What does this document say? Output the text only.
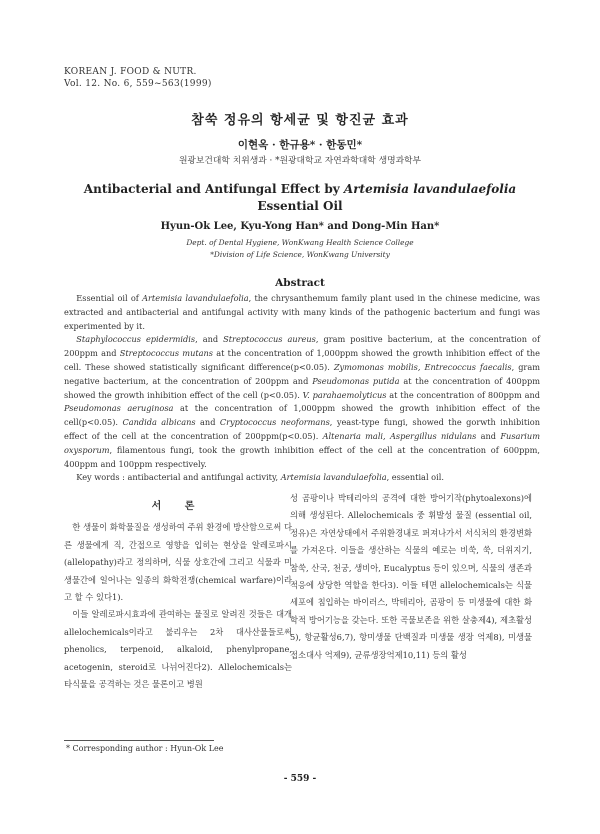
KOREAN J. FOOD & NUTR.
Vol. 12. No. 6, 559~563(1999)
참쑥 정유의 항세균 및 항진균 효과
이현옥 · 한규용* · 한동민*
원광보건대학 치위생과 · *원광대학교 자연과학대학 생명과학부
Antibacterial and Antifungal Effect by Artemisia lavandulaefolia
Essential Oil
Hyun-Ok Lee, Kyu-Yong Han* and Dong-Min Han*
Dept. of Dental Hygiene, WonKwang Health Science College
*Division of Life Science, WonKwang University
Abstract

Essential oil of Artemisia lavandulaefolia, the chrysanthemum family plant used in the chinese medicine, was extracted and antibacterial and antifungal activity with many kinds of the pathogenic bacterium and fungi was experimented by it.

Staphylococcus epidermidis, and Streptococcus aureus, gram positive bacterium, at the concentration of 200ppm and Streptococcus mutans at the concentration of 1,000ppm showed the growth inhibition effect of the cell. These showed statistically significant difference(p<0.05). Zymomonas mobilis, Entrecoccus faecalis, gram negative bacterium, at the concentration of 200ppm and Pseudomonas putida at the concentration of 400ppm showed the growth inhibition effect of the cell (p<0.05). V. parahaemolyticus at the concentration of 800ppm and Pseudomonas aeruginosa at the concentration of 1,000ppm showed the growth inhibition effect of the cell(p<0.05). Candida albicans and Cryptococcus neoformans, yeast-type fungi, showed the gorwth inhibition effect of the cell at the concentration of 200ppm(p<0.05). Altenaria mali, Aspergillus nidulans and Fusarium oxysporum, filamentous fungi, took the growth inhibition effect of the cell at the concentration of 600ppm, 400ppm and 100ppm respectively.

Key words : antibacterial and antifungal activity, Artemisia lavandulaefolia, essential oil.

서 론

한 생물이 화학물질을 생성하여 주위 환경에 방산함으로써 다른 생물에게 직, 간접으로 영향을 입히는 현상을 알레로파시(allelopathy)라고 정의하며, 식물 상호간에 그리고 식물과 미생물간에 일어나는 일종의 화학전쟁(chemical warfare)이라고 할 수 있다1).

이들 알레로파시효과에 관여하는 물질로 알려진 것들은 대개 allelochemicals이라고 불리우는 2차 대사산물들로써 phenolics, terpenoid, alkaloid, phenylpropane, acetogenin, steroid로 나뉘어진다2). Allelochemicals는 타식물을 공격하는 것은 물론이고 병원

성 곰팡이나 박테리아의 공격에 대한 방어기작(phytoalexons)에 의해 생성된다. Allelochemicals 중 휘발성 물질 (essential oil, 정유)은 자연상태에서 주위환경내로 퍼져나가서 서식처의 환경변화를 가져온다. 이들을 생산하는 식물의 예로는 비쑥, 쑥, 더위지기, 참쑥, 산국, 천궁, 생비아, Eucalyptus 등이 있으며, 식물의 생존과 적응에 상당한 역할을 한다3). 이들 테면 allelochemicals는 식물세포에 침입하는 바이러스, 박테리아, 곰팡이 등 미생물에 대한 화학적 방어기능을 갖는다. 또한 곡물보존을 위한 살충제4), 제초활성5), 항균활성6,7), 항미생물 단백질과 미생물 생장 억제8), 미생물 접소대사 억제9), 균류생장억제10,11) 등의 활성

* Corresponding author : Hyun-Ok Lee
- 559 -
